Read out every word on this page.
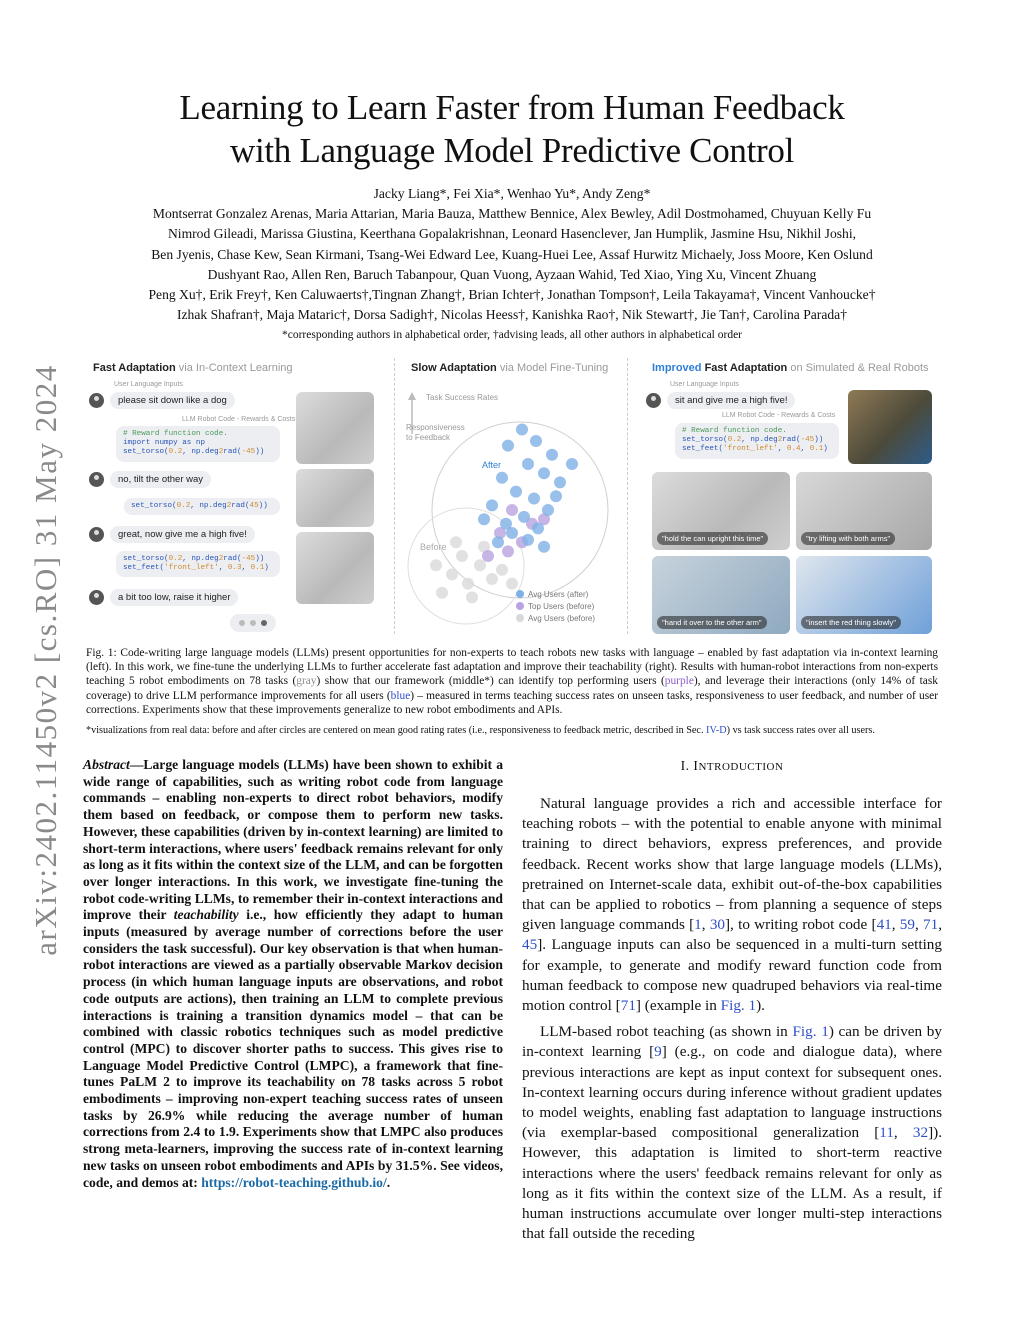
arXiv:2402.11450v2 [cs.RO] 31 May 2024
Learning to Learn Faster from Human Feedback
with Language Model Predictive Control
Jacky Liang*, Fei Xia*, Wenhao Yu*, Andy Zeng*
Montserrat Gonzalez Arenas, Maria Attarian, Maria Bauza, Matthew Bennice, Alex Bewley, Adil Dostmohamed, Chuyuan Kelly Fu
Nimrod Gileadi, Marissa Giustina, Keerthana Gopalakrishnan, Leonard Hasenclever, Jan Humplik, Jasmine Hsu, Nikhil Joshi,
Ben Jyenis, Chase Kew, Sean Kirmani, Tsang-Wei Edward Lee, Kuang-Huei Lee, Assaf Hurwitz Michaely, Joss Moore, Ken Oslund
Dushyant Rao, Allen Ren, Baruch Tabanpour, Quan Vuong, Ayzaan Wahid, Ted Xiao, Ying Xu, Vincent Zhuang
Peng Xu†, Erik Frey†, Ken Caluwaerts†,Tingnan Zhang†, Brian Ichter†, Jonathan Tompson†, Leila Takayama†, Vincent Vanhoucke†
Izhak Shafran†, Maja Mataric†, Dorsa Sadigh†, Nicolas Heess†, Kanishka Rao†, Nik Stewart†, Jie Tan†, Carolina Parada†
*corresponding authors in alphabetical order, †advising leads, all other authors in alphabetical order
Fast Adaptation via In-Context Learning
User Language Inputs
please sit down like a dog
LLM Robot Code - Rewards & Costs
# Reward function code.
import numpy as np
set_torso(0.2, np.deg2rad(-45))
no, tilt the other way
set_torso(0.2, np.deg2rad(45))
great, now give me a high five!
set_torso(0.2, np.deg2rad(-45))
set_feet('front_left', 0.3, 0.1)
a bit too low, raise it higher
Slow Adaptation via Model Fine-Tuning
Task Success Rates
Responsiveness
to Feedback
After
Before
Avg Users (after)
Top Users (before)
Avg Users (before)
Improved Fast Adaptation on Simulated & Real Robots
User Language Inputs
sit and give me a high five!
LLM Robot Code - Rewards & Costs
# Reward function code.
set_torso(0.2, np.deg2rad(-45))
set_feet('front_left', 0.4, 0.1)
"hold the can upright this time"	"try lifting with both arms"
"hand it over to the other arm"	"insert the red thing slowly"
Fig. 1: Code-writing large language models (LLMs) present opportunities for non-experts to teach robots new tasks with language – enabled by fast adaptation via in-context learning (left). In this work, we fine-tune the underlying LLMs to further accelerate fast adaptation and improve their teachability (right). Results with human-robot interactions from non-experts teaching 5 robot embodiments on 78 tasks (gray) show that our framework (middle*) can identify top performing users (purple), and leverage their interactions (only 14% of task coverage) to drive LLM performance improvements for all users (blue) – measured in terms teaching success rates on unseen tasks, responsiveness to user feedback, and number of user corrections. Experiments show that these improvements generalize to new robot embodiments and APIs.
*visualizations from real data: before and after circles are centered on mean good rating rates (i.e., responsiveness to feedback metric, described in Sec. IV-D) vs task success rates over all users.
Abstract—Large language models (LLMs) have been shown to exhibit a wide range of capabilities, such as writing robot code from language commands – enabling non-experts to direct robot behaviors, modify them based on feedback, or compose them to perform new tasks. However, these capabilities (driven by in-context learning) are limited to short-term interactions, where users' feedback remains relevant for only as long as it fits within the context size of the LLM, and can be forgotten over longer interactions. In this work, we investigate fine-tuning the robot code-writing LLMs, to remember their in-context interactions and improve their teachability i.e., how efficiently they adapt to human inputs (measured by average number of corrections before the user considers the task successful). Our key observation is that when human-robot interactions are viewed as a partially observable Markov decision process (in which human language inputs are observations, and robot code outputs are actions), then training an LLM to complete previous interactions is training a transition dynamics model – that can be combined with classic robotics techniques such as model predictive control (MPC) to discover shorter paths to success. This gives rise to Language Model Predictive Control (LMPC), a framework that fine-tunes PaLM 2 to improve its teachability on 78 tasks across 5 robot embodiments – improving non-expert teaching success rates of unseen tasks by 26.9% while reducing the average number of human corrections from 2.4 to 1.9. Experiments show that LMPC also produces strong meta-learners, improving the success rate of in-context learning new tasks on unseen robot embodiments and APIs by 31.5%. See videos, code, and demos at: https://robot-teaching.github.io/.
I. INTRODUCTION

Natural language provides a rich and accessible interface for teaching robots – with the potential to enable anyone with minimal training to direct behaviors, express preferences, and provide feedback. Recent works show that large language models (LLMs), pretrained on Internet-scale data, exhibit out-of-the-box capabilities that can be applied to robotics – from planning a sequence of steps given language commands [1, 30], to writing robot code [41, 59, 71, 45]. Language inputs can also be sequenced in a multi-turn setting for example, to generate and modify reward function code from human feedback to compose new quadruped behaviors via real-time motion control [71] (example in Fig. 1).

LLM-based robot teaching (as shown in Fig. 1) can be driven by in-context learning [9] (e.g., on code and dialogue data), where previous interactions are kept as input context for subsequent ones. In-context learning occurs during inference without gradient updates to model weights, enabling fast adaptation to language instructions (via exemplar-based compositional generalization [11, 32]). However, this adaptation is limited to short-term reactive interactions where the users' feedback remains relevant for only as long as it fits within the context size of the LLM. As a result, if human instructions accumulate over longer multi-step interactions that fall outside the receding
